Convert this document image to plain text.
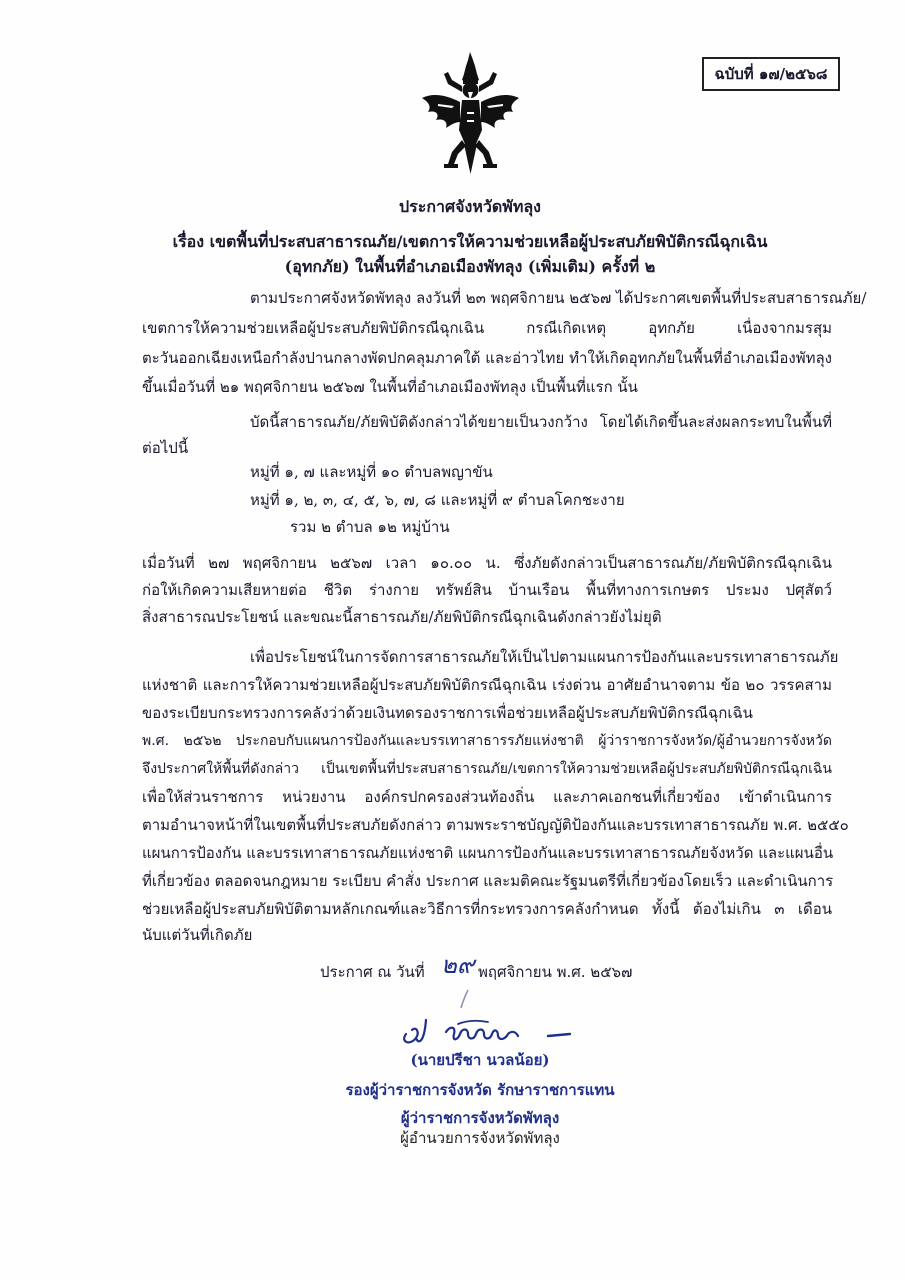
ฉบับที่ ๑๗/๒๕๖๘
ประกาศจังหวัดพัทลุง
เรื่อง เขตพื้นที่ประสบสาธารณภัย/เขตการให้ความช่วยเหลือผู้ประสบภัยพิบัติกรณีฉุกเฉิน
(อุทกภัย) ในพื้นที่อำเภอเมืองพัทลุง (เพิ่มเติม) ครั้งที่ ๒
ตามประกาศจังหวัดพัทลุง ลงวันที่ ๒๓ พฤศจิกายน ๒๕๖๗ ได้ประกาศเขตพื้นที่ประสบสาธารณภัย/
เขตการให้ความช่วยเหลือผู้ประสบภัยพิบัติกรณีฉุกเฉิน กรณีเกิดเหตุ อุทกภัย เนื่องจากมรสุม
ตะวันออกเฉียงเหนือกำลังปานกลางพัดปกคลุมภาคใต้ และอ่าวไทย ทำให้เกิดอุทกภัยในพื้นที่อำเภอเมืองพัทลุง
ขึ้นเมื่อวันที่ ๒๑ พฤศจิกายน ๒๕๖๗ ในพื้นที่อำเภอเมืองพัทลุง เป็นพื้นที่แรก นั้น
บัดนี้สาธารณภัย/ภัยพิบัติดังกล่าวได้ขยายเป็นวงกว้าง โดยได้เกิดขึ้นละส่งผลกระทบในพื้นที่
ต่อไปนี้
หมู่ที่ ๑, ๗ และหมู่ที่ ๑๐ ตำบลพญาขัน
หมู่ที่ ๑, ๒, ๓, ๔, ๕, ๖, ๗, ๘ และหมู่ที่ ๙ ตำบลโคกชะงาย
รวม ๒ ตำบล ๑๒ หมู่บ้าน
เมื่อวันที่ ๒๗ พฤศจิกายน ๒๕๖๗ เวลา ๑๐.๐๐ น. ซึ่งภัยดังกล่าวเป็นสาธารณภัย/ภัยพิบัติกรณีฉุกเฉิน
ก่อให้เกิดความเสียหายต่อ ชีวิต ร่างกาย ทรัพย์สิน บ้านเรือน พื้นที่ทางการเกษตร ประมง ปศุสัตว์
สิ่งสาธารณประโยชน์ และขณะนี้สาธารณภัย/ภัยพิบัติกรณีฉุกเฉินดังกล่าวยังไม่ยุติ
เพื่อประโยชน์ในการจัดการสาธารณภัยให้เป็นไปตามแผนการป้องกันและบรรเทาสาธารณภัย
แห่งชาติ และการให้ความช่วยเหลือผู้ประสบภัยพิบัติกรณีฉุกเฉิน เร่งด่วน อาศัยอำนาจตาม ข้อ ๒๐ วรรคสาม
ของระเบียบกระทรวงการคลังว่าด้วยเงินทดรองราชการเพื่อช่วยเหลือผู้ประสบภัยพิบัติกรณีฉุกเฉิน
พ.ศ. ๒๕๖๒ ประกอบกับแผนการป้องกันและบรรเทาสาธารรภัยแห่งชาติ ผู้ว่าราชการจังหวัด/ผู้อำนวยการจังหวัด
จึงประกาศให้พื้นที่ดังกล่าว เป็นเขตพื้นที่ประสบสาธารณภัย/เขตการให้ความช่วยเหลือผู้ประสบภัยพิบัติกรณีฉุกเฉิน
เพื่อให้ส่วนราชการ หน่วยงาน องค์กรปกครองส่วนท้องถิ่น และภาคเอกชนที่เกี่ยวข้อง เข้าดำเนินการ
ตามอำนาจหน้าที่ในเขตพื้นที่ประสบภัยดังกล่าว ตามพระราชบัญญัติป้องกันและบรรเทาสาธารณภัย พ.ศ. ๒๕๕๐
แผนการป้องกัน และบรรเทาสาธารณภัยแห่งชาติ แผนการป้องกันและบรรเทาสาธารณภัยจังหวัด และแผนอื่น
ที่เกี่ยวข้อง ตลอดจนกฎหมาย ระเบียบ คำสั่ง ประกาศ และมติคณะรัฐมนตรีที่เกี่ยวข้องโดยเร็ว และดำเนินการ
ช่วยเหลือผู้ประสบภัยพิบัติตามหลักเกณฑ์และวิธีการที่กระทรวงการคลังกำหนด ทั้งนี้ ต้องไม่เกิน ๓ เดือน
นับแต่วันที่เกิดภัย
ประกาศ ณ วันที่ ๒๙ พฤศจิกายน พ.ศ. ๒๕๖๗
(นายปรีชา นวลน้อย)
รองผู้ว่าราชการจังหวัด รักษาราชการแทน
ผู้ว่าราชการจังหวัดพัทลุง
ผู้อำนวยการจังหวัดพัทลุง
